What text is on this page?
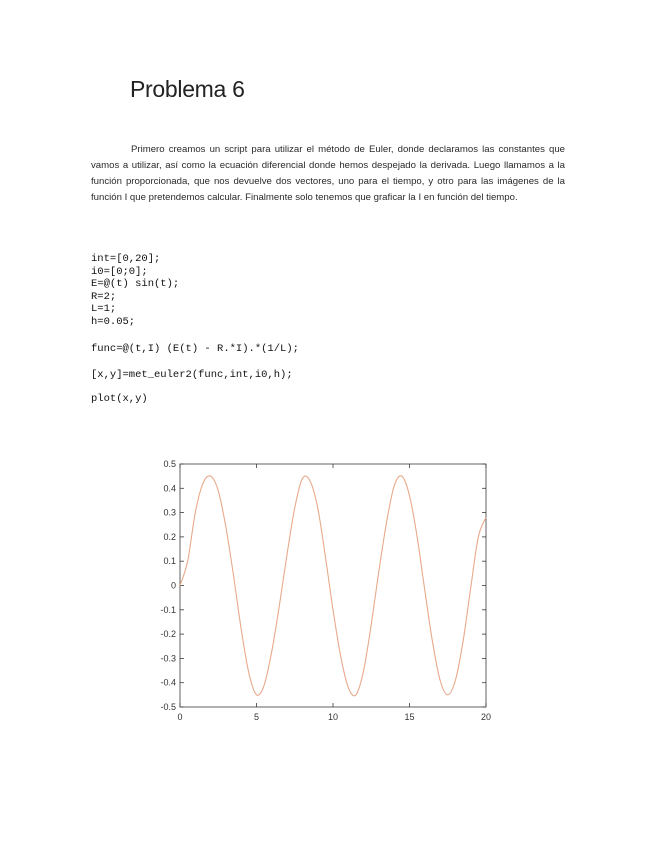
Problema 6

Primero creamos un script para utilizar el método de Euler, donde declaramos las constantes que vamos a utilizar, así como la ecuación diferencial donde hemos despejado la derivada. Luego llamamos a la función proporcionada, que nos devuelve dos vectores, uno para el tiempo, y otro para las imágenes de la función I que pretendemos calcular. Finalmente solo tenemos que graficar la I en función del tiempo.

int=[0,20];
i0=[0;0];
E=@(t) sin(t);
R=2;
L=1;
h=0.05;
func=@(t,I) (E(t) - R.*I).*(1/L);
[x,y]=met_euler2(func,int,i0,h);
plot(x,y)
0.5
0.4
0.3
0.2
0.1
0
-0.1
-0.2
-0.3
-0.4
-0.5
0	5	10	15	20
